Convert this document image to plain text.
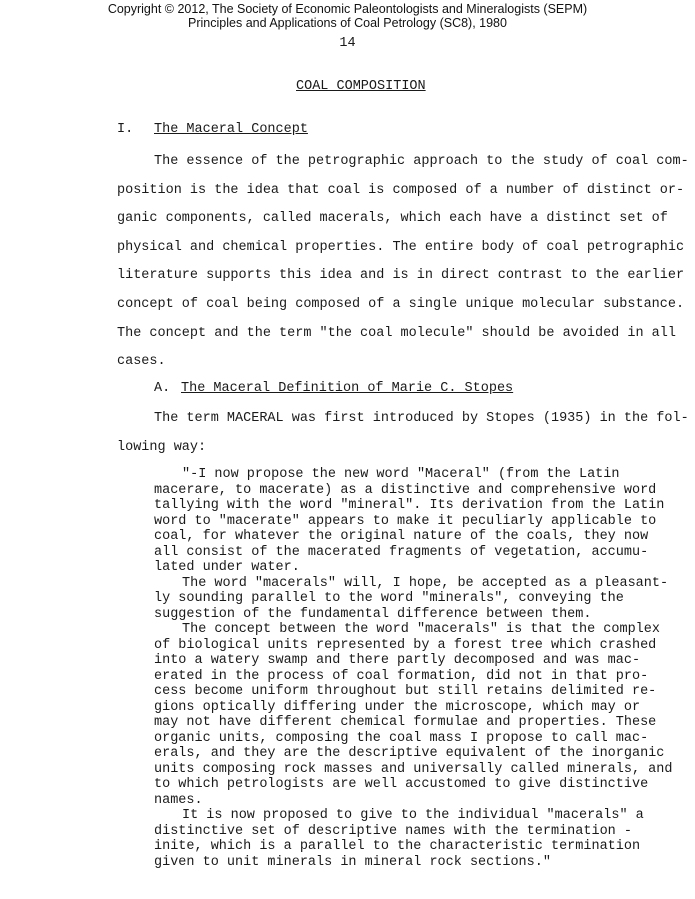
Copyright © 2012, The Society of Economic Paleontologists and Mineralogists (SEPM)
Principles and Applications of Coal Petrology (SC8), 1980
14
COAL COMPOSITION
I. The Maceral Concept
The essence of the petrographic approach to the study of coal com-
position is the idea that coal is composed of a number of distinct or-
ganic components, called macerals, which each have a distinct set of
physical and chemical properties. The entire body of coal petrographic
literature supports this idea and is in direct contrast to the earlier
concept of coal being composed of a single unique molecular substance.
The concept and the term "the coal molecule" should be avoided in all
cases.
A. The Maceral Definition of Marie C. Stopes
The term MACERAL was first introduced by Stopes (1935) in the fol-
lowing way:
"-I now propose the new word "Maceral" (from the Latin
macerare, to macerate) as a distinctive and comprehensive word
tallying with the word "mineral". Its derivation from the Latin
word to "macerate" appears to make it peculiarly applicable to
coal, for whatever the original nature of the coals, they now
all consist of the macerated fragments of vegetation, accumu-
lated under water.
The word "macerals" will, I hope, be accepted as a pleasant-
ly sounding parallel to the word "minerals", conveying the
suggestion of the fundamental difference between them.
The concept between the word "macerals" is that the complex
of biological units represented by a forest tree which crashed
into a watery swamp and there partly decomposed and was mac-
erated in the process of coal formation, did not in that pro-
cess become uniform throughout but still retains delimited re-
gions optically differing under the microscope, which may or
may not have different chemical formulae and properties. These
organic units, composing the coal mass I propose to call mac-
erals, and they are the descriptive equivalent of the inorganic
units composing rock masses and universally called minerals, and
to which petrologists are well accustomed to give distinctive
names.
It is now proposed to give to the individual "macerals" a
distinctive set of descriptive names with the termination -
inite, which is a parallel to the characteristic termination
given to unit minerals in mineral rock sections."
